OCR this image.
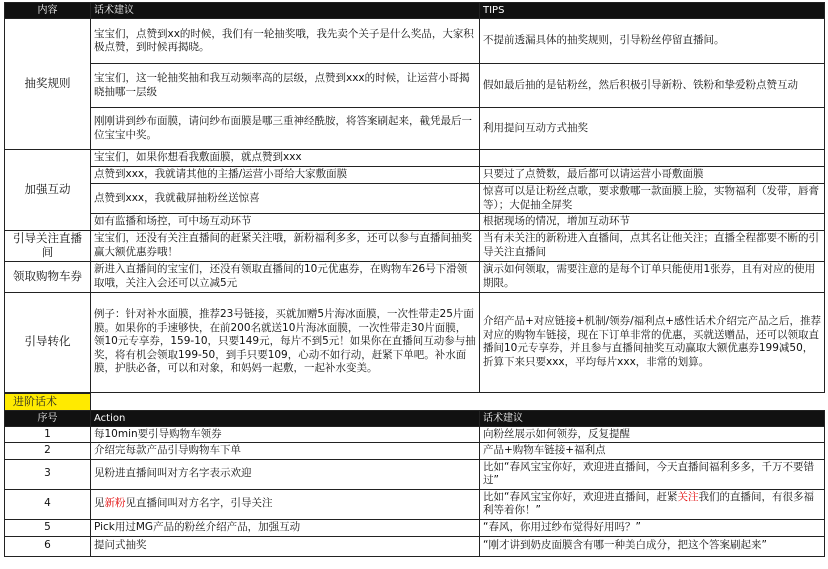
内容	话术建议	TIPS
抽奖规则	宝宝们，点赞到xx的时候，我们有一轮抽奖哦，我先卖个关子是什么奖品，大家积极点赞，到时候再揭晓。	不提前透漏具体的抽奖规则，引导粉丝停留直播间。
	宝宝们，这一轮抽奖抽和我互动频率高的层级，点赞到xxx的时候，让运营小哥揭晓抽哪一层级	假如最后抽的是钻粉丝，然后积极引导新粉、铁粉和挚爱粉点赞互动
	刚刚讲到纱布面膜，请问纱布面膜是哪三重神经酰胺，将答案刷起来，截凭最后一位宝宝中奖。	利用提问互动方式抽奖
加强互动	宝宝们，如果你想看我敷面膜，就点赞到xxx	
	点赞到xxx，我就请其他的主播/运营小哥给大家敷面膜	只要过了点赞数，最后都可以请运营小哥敷面膜
	点赞到xxx，我就截屏抽粉丝送惊喜	惊喜可以是让粉丝点歌，要求敷哪一款面膜上脸，实物福利（发带，唇膏等）；大促抽全屏奖
	如有监播和场控，可中场互动环节	根据现场的情况，增加互动环节
引导关注直播间	宝宝们，还没有关注直播间的赶紧关注哦，新粉福利多多，还可以参与直播间抽奖赢大额优惠券哦！	当有未关注的新粉进入直播间，点其名让他关注；直播全程都要不断的引导关注直播间
领取购物车券	新进入直播间的宝宝们，还没有领取直播间的10元优惠券，在购物车26号下滑领取哦，关注入会还可以立减5元	演示如何领取，需要注意的是每个订单只能使用1张券，且有对应的使用期限。
引导转化	例子：针对补水面膜，推荐23号链接，买就加赠5片海冰面膜，一次性带走25片面膜。如果你的手速够快，在前200名就送10片海冰面膜，一次性带走30片面膜，领10元专享券，159-10，只要149元，每片不到5元！如果你在直播间互动参与抽奖，将有机会领取199-50，到手只要109，心动不如行动，赶紧下单吧。补水面膜，护肤必备，可以和对象，和妈妈一起敷，一起补水变美。	介绍产品+对应链接+机制/领券/福利点+感性话术介绍完产品之后，推荐对应的购物车链接，现在下订单非常的优惠，买就送赠品，还可以领取直播间10元专享券，并且参与直播间抽奖互动赢取大额优惠券199减50，折算下来只要xxx，平均每片xxx，非常的划算。
进阶话术		
序号	Action	话术建议
1	每10min要引导购物车领券	向粉丝展示如何领券，反复提醒
2	介绍完每款产品引导购物车下单	产品+购物车链接+福利点
3	见粉进直播间叫对方名字表示欢迎	比如“春风宝宝你好，欢迎进直播间，今天直播间福利多多，千万不要错过”
4	见新粉见直播间叫对方名字，引导关注	比如“春风宝宝你好，欢迎进直播间，赶紧关注我们的直播间，有很多福利等着你！”
5	Pick用过MG产品的粉丝介绍产品，加强互动	“春风，你用过纱布觉得好用吗？”
6	提问式抽奖	“刚才讲到奶皮面膜含有哪一种美白成分，把这个答案刷起来”
